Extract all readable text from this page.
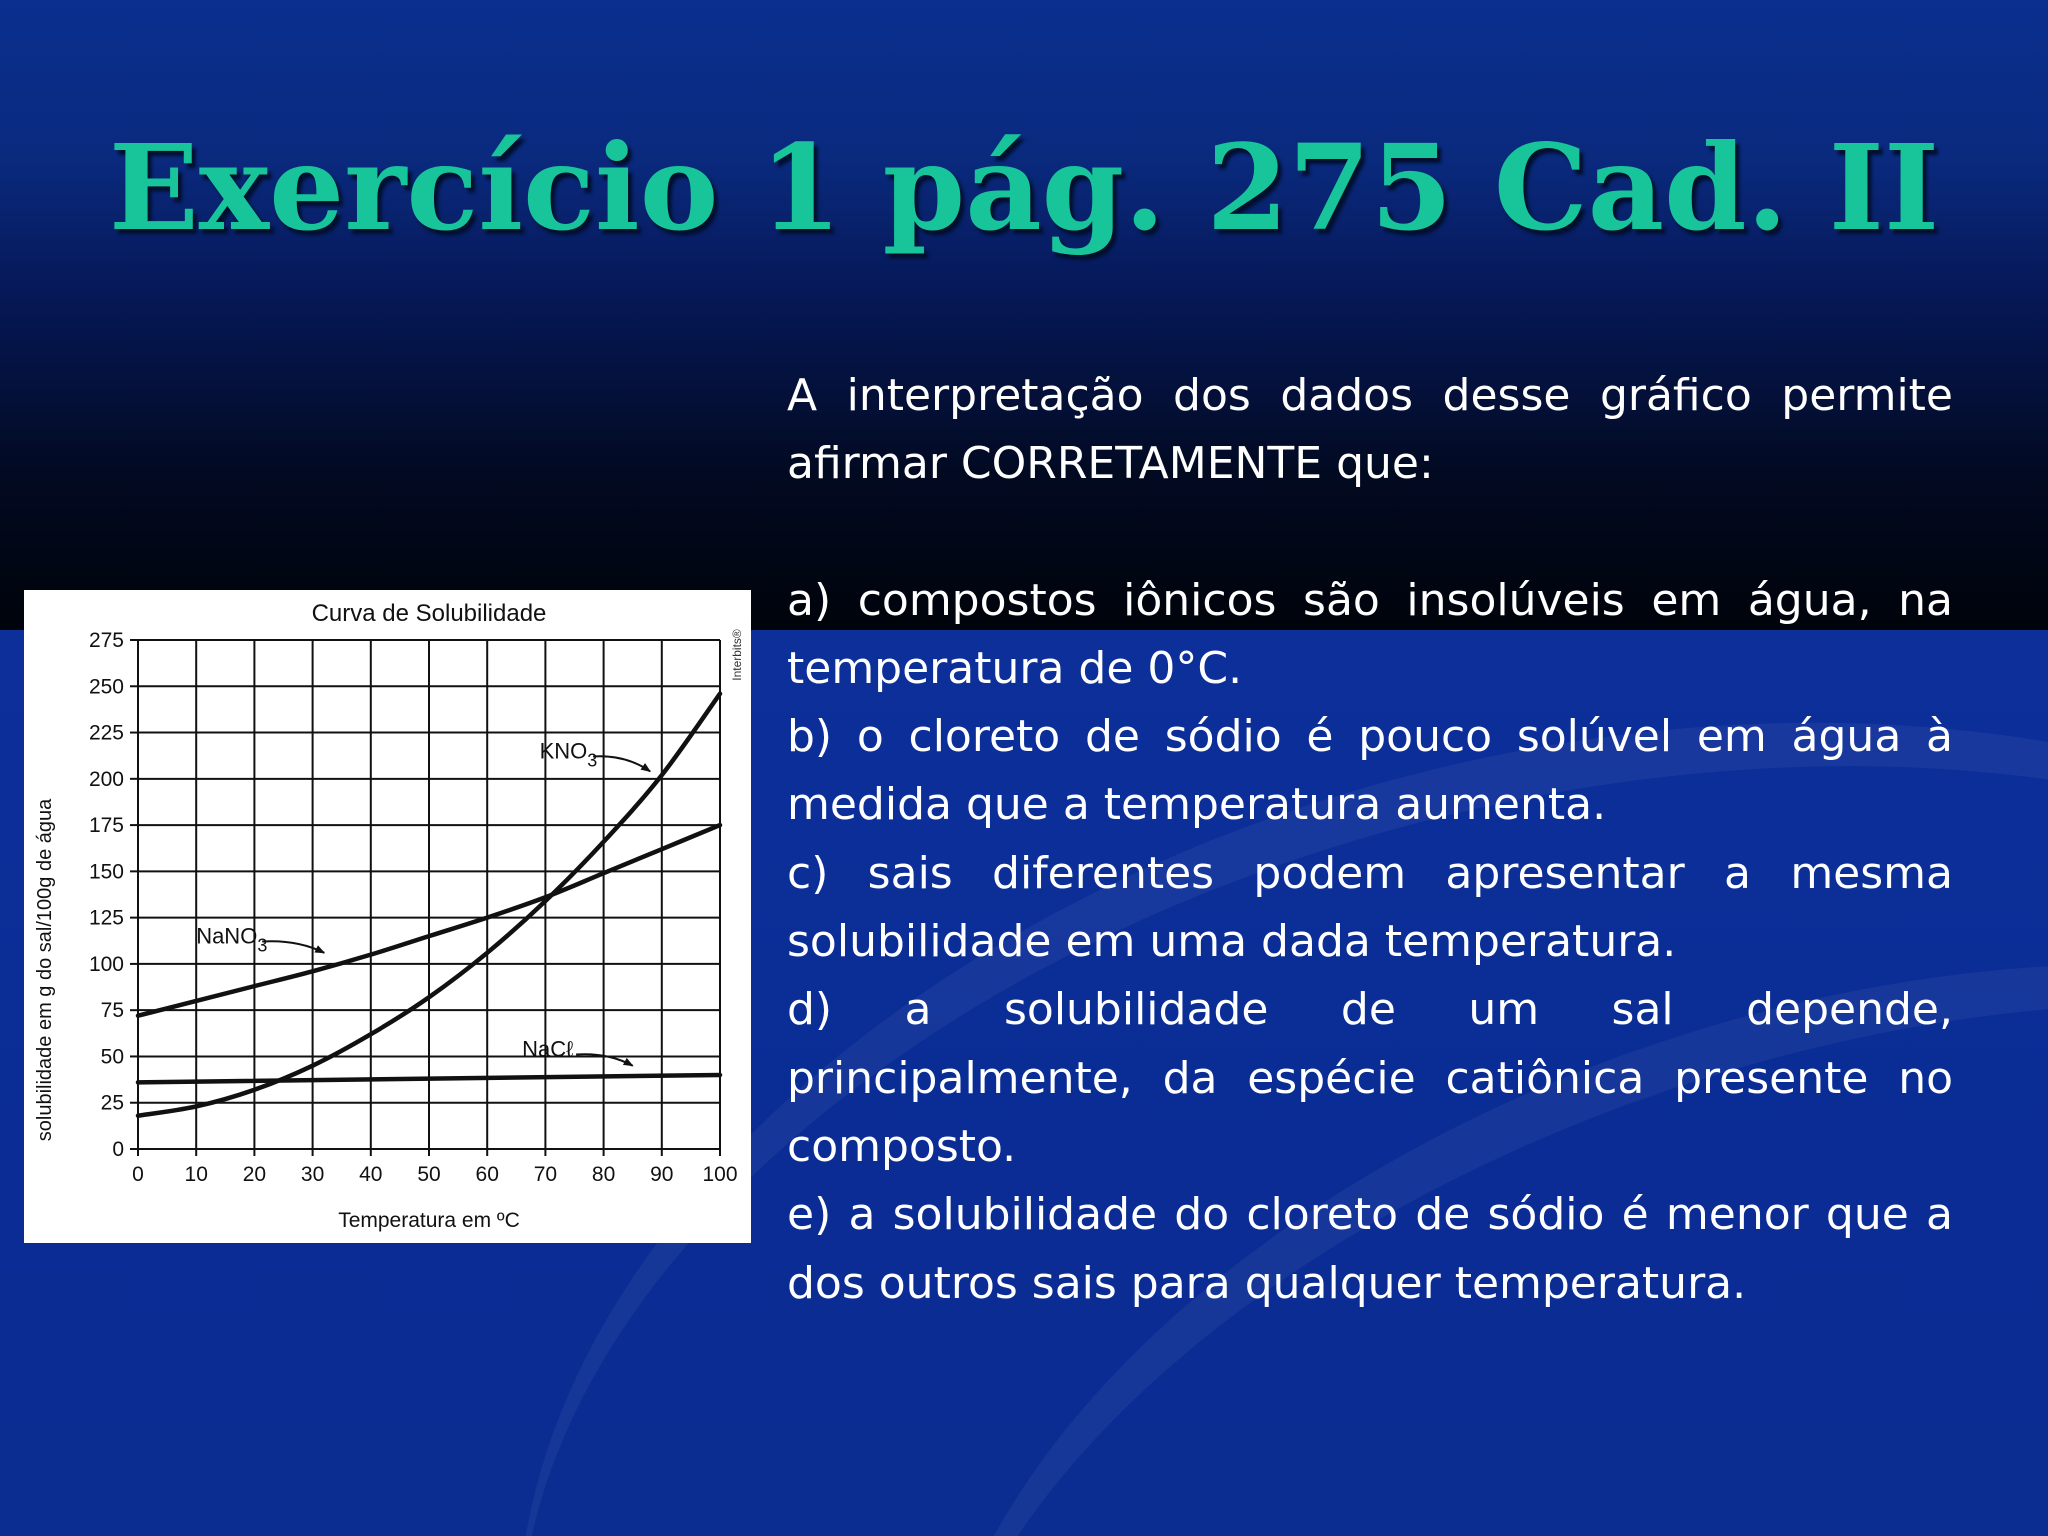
Exercício 1 pág. 275 Cad. II

A interpretação dos dados desse gráfico permite afirmar CORRETAMENTE que:

a) compostos iônicos são insolúveis em água, na temperatura de 0°C.

b) o cloreto de sódio é pouco solúvel em água à medida que a temperatura aumenta.

c) sais diferentes podem apresentar a mesma solubilidade em uma dada temperatura.

d) a solubilidade de um sal depende, principalmente, da espécie catiônica presente no composto.

e) a solubilidade do cloreto de sódio é menor que a dos outros sais para qualquer temperatura.

Curva de Solubilidade
Temperatura em ºC
solubilidade em g do sal/100g de água
Interbits®
0 10 20 30 40 50 60 70 80 90 100
0
25
50
75
100
125
150
175
200
225
250
275
$KNO_3$
NaNO$_3$
NaCℓ
